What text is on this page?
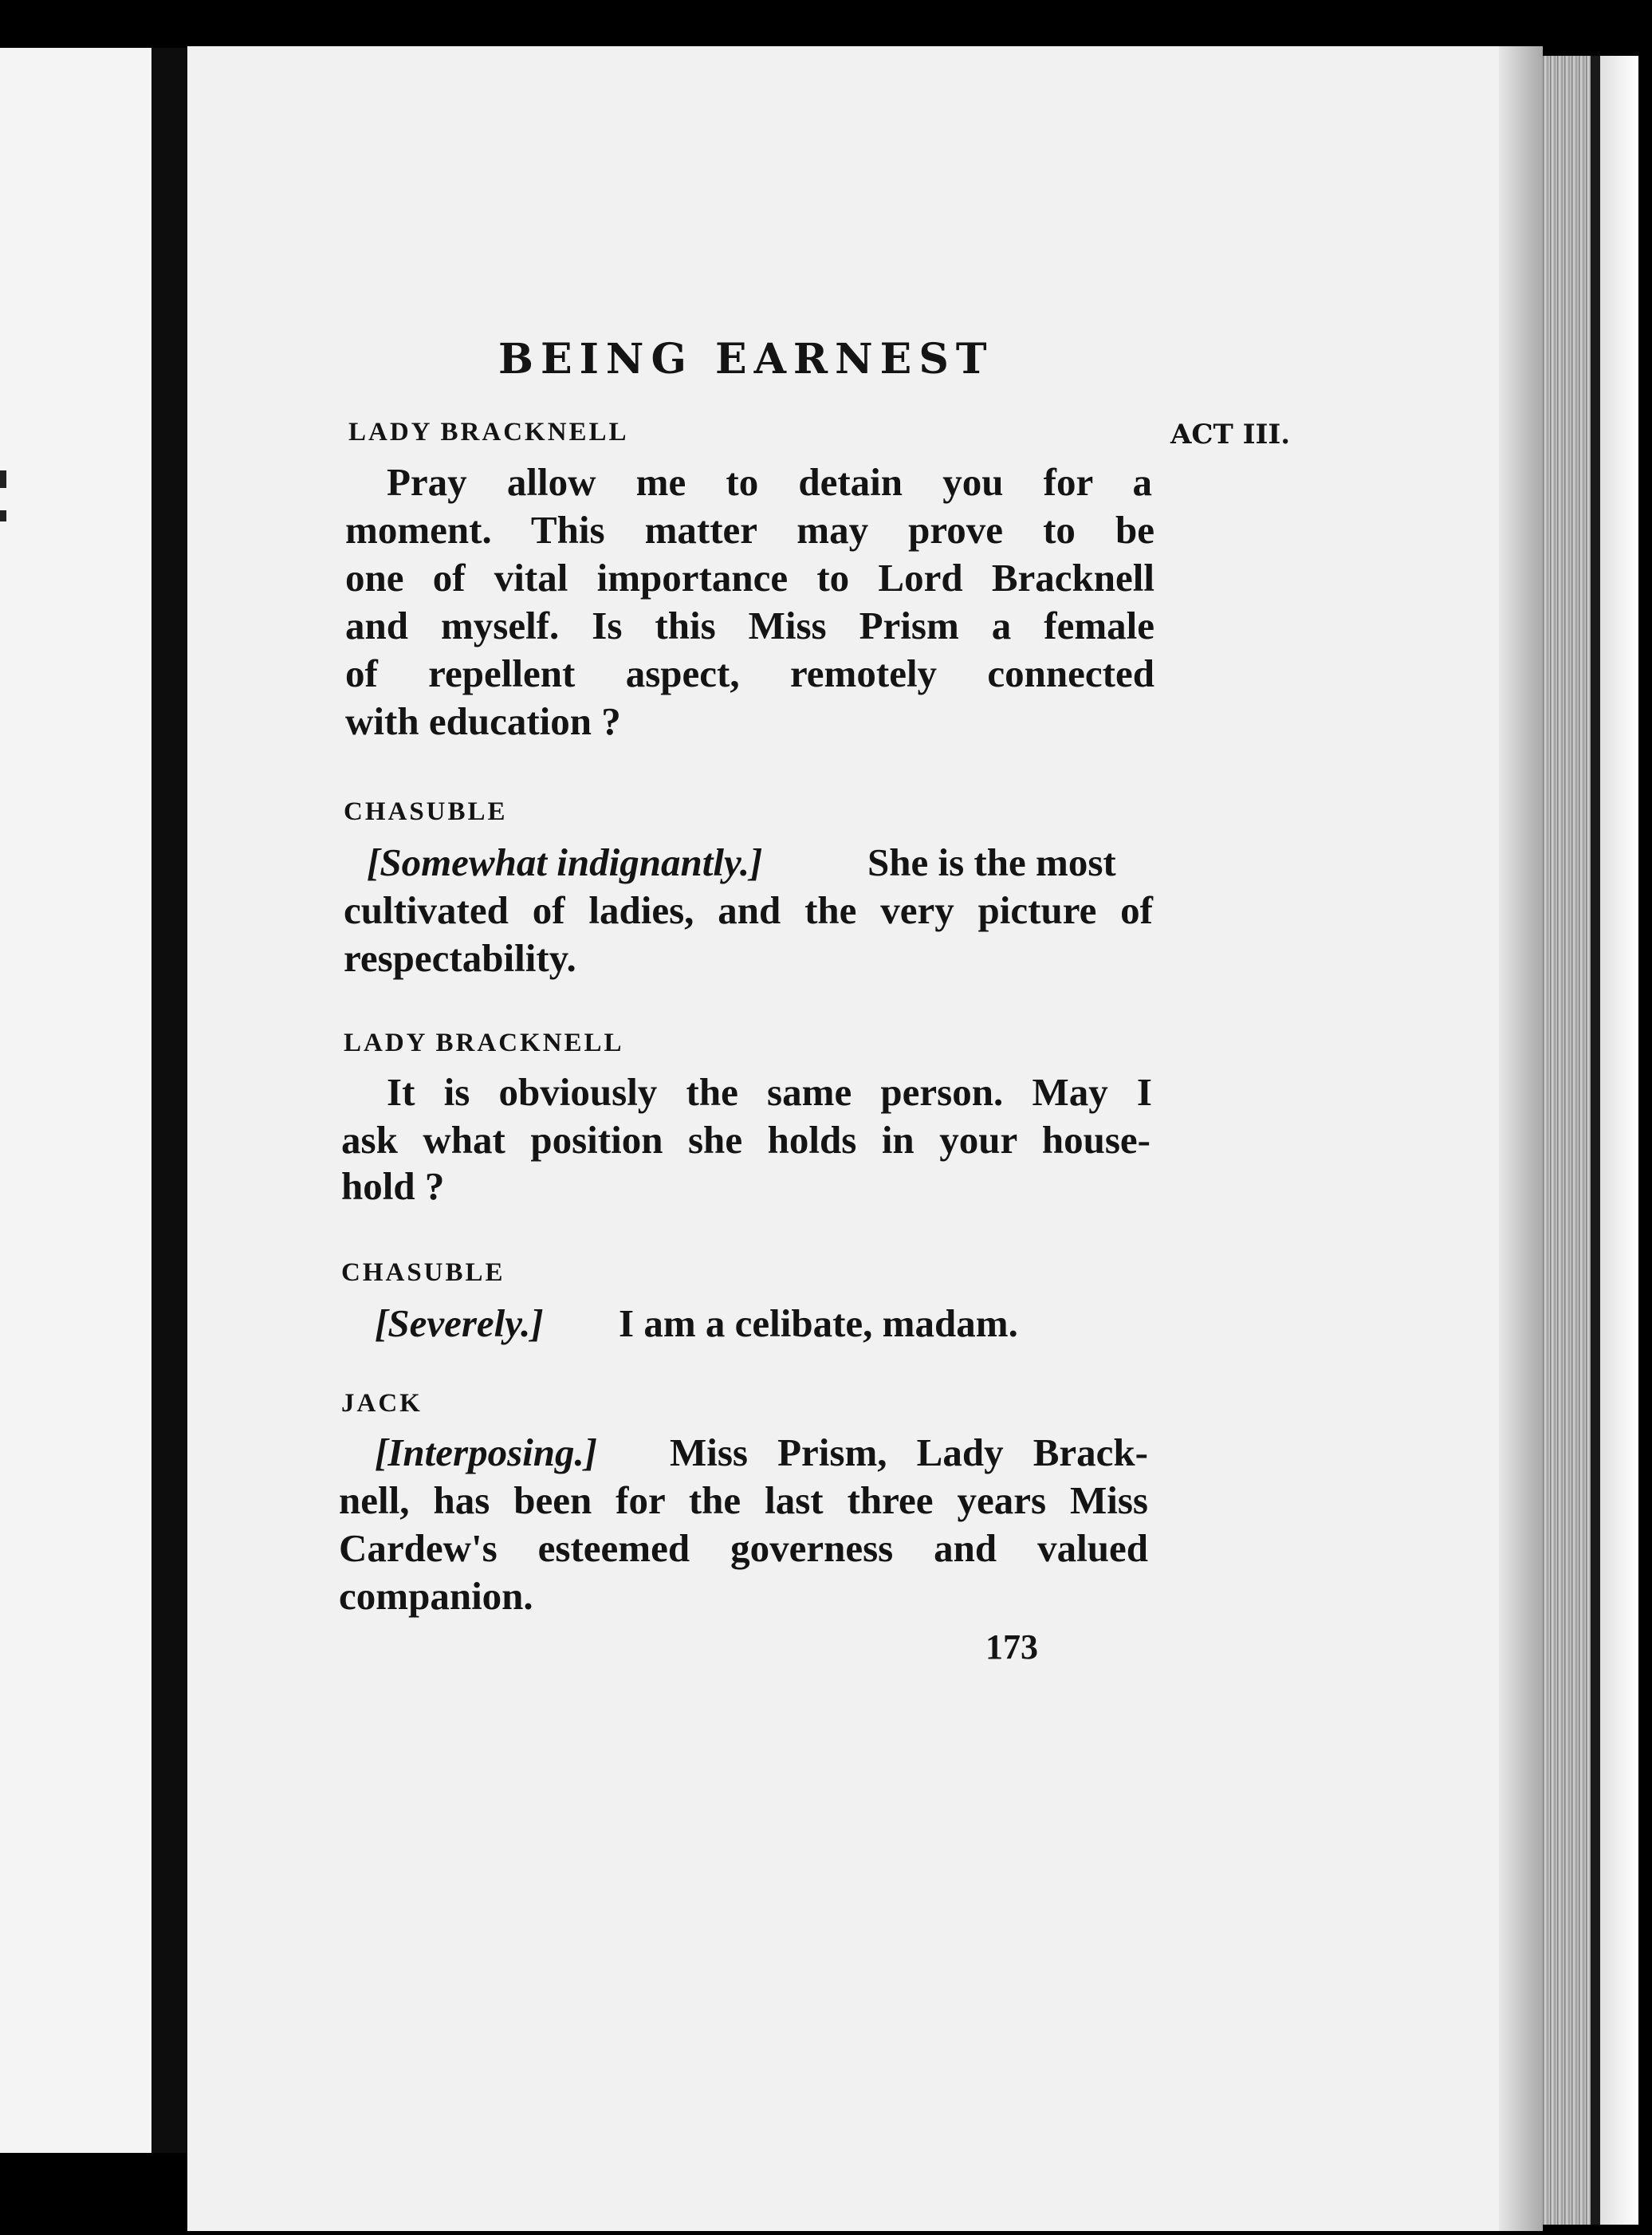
BEING EARNEST
ACT III.
LADY BRACKNELL
Pray allow me to detain you for a
moment. This matter may prove to be
one of vital importance to Lord Bracknell
and myself. Is this Miss Prism a female
of repellent aspect, remotely connected
with education ?
CHASUBLE
[Somewhat indignantly.]	She is the most
cultivated of ladies, and the very picture of
respectability.
LADY BRACKNELL
It is obviously the same person. May I
ask what position she holds in your house-
hold ?
CHASUBLE
[Severely.]	I am a celibate, madam.
JACK
[Interposing.]	Miss Prism, Lady Brack-
nell, has been for the last three years Miss
Cardew's esteemed governess and valued
companion.
173
